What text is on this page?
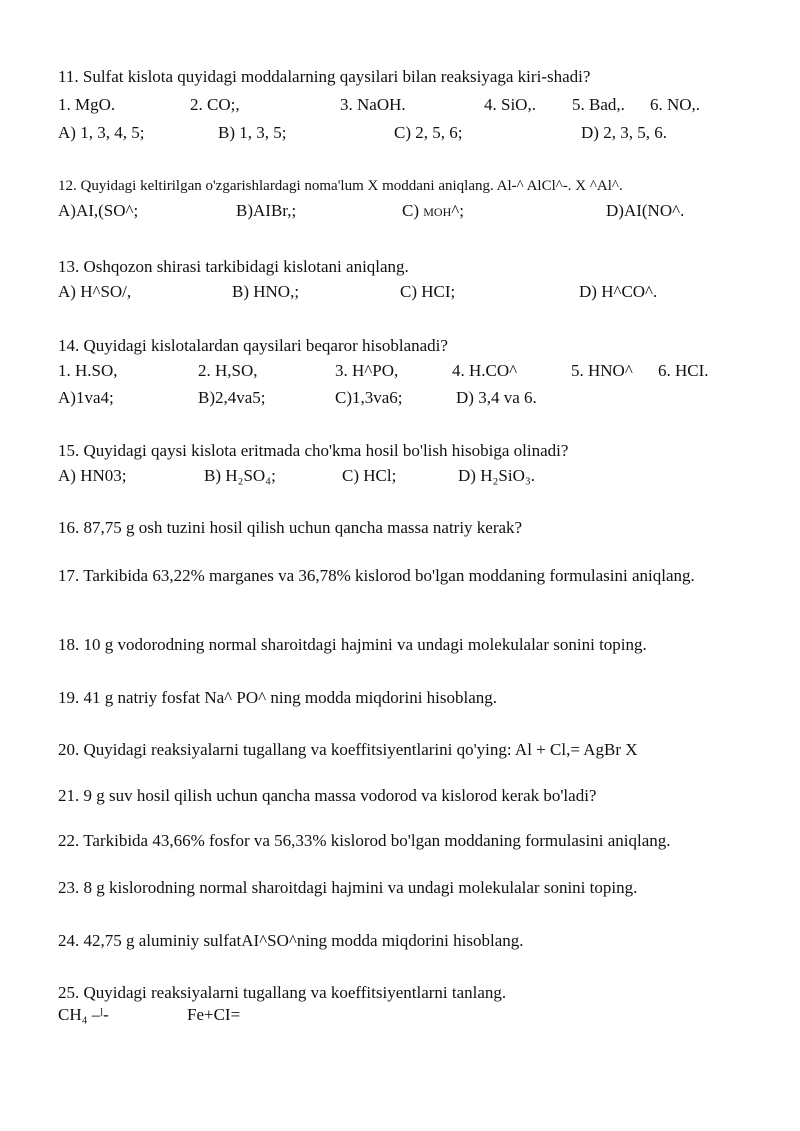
11. Sulfat kislota quyidagi moddalarning qaysilari bilan reaksiyaga kiri-shadi?
1. MgO.	2. CO;,	3. NaOH.	4. SiO,. 5. Bad,. 6. NO,.
A) 1, 3, 4, 5;	B) 1, 3, 5;	C) 2, 5, 6;	D) 2, 3, 5, 6.
12. Quyidagi keltirilgan o'zgarishlardagi noma'lum X moddani aniqlang. Al-^ AlCl^-. X ^Al^.
A)AI,(SO^;	B)AIBr,;	C) MOH^;	D)AI(NO^.
13. Oshqozon shirasi tarkibidagi kislotani aniqlang.
A) H^SO/,	B) HNO,;	C) HCI;	D) H^CO^.
14. Quyidagi kislotalardan qaysilari beqaror hisoblanadi?
1. H.SO,	2. H,SO,	3. H^PO,	4. H.CO^	5. HNO^ 6. HCI.
A)1va4;	B)2,4va5;	C)1,3va6;	D) 3,4 va 6.
15. Quyidagi qaysi kislota eritmada cho'kma hosil bo'lish hisobiga olinadi?
A) HN03;	B) H₂SO₄;	C) HCl;	D) H₂SiO₃.
16. 87,75 g osh tuzini hosil qilish uchun qancha massa natriy kerak?
17. Tarkibida 63,22% marganes va 36,78% kislorod bo'lgan moddaning formulasini aniqlang.
18. 10 g vodorodning normal sharoitdagi hajmini va undagi molekulalar sonini toping.
19. 41 g natriy fosfat Na^ PO^ ning modda miqdorini hisoblang.
20. Quyidagi reaksiyalarni tugallang va koeffitsiyentlarini qo'ying: Al + Cl,= AgBr X
21. 9 g suv hosil qilish uchun qancha massa vodorod va kislorod kerak bo'ladi?
22. Tarkibida 43,66% fosfor va 56,33% kislorod bo'lgan moddaning formulasini aniqlang.
23. 8 g kislorodning normal sharoitdagi hajmini va undagi molekulalar sonini toping.
24. 42,75 g aluminiy sulfatAI^SO^ning modda miqdorini hisoblang.
25. Quyidagi reaksiyalarni tugallang va koeffitsiyentlarni tanlang.
CH₄ –ˡ-	Fe+CI=
